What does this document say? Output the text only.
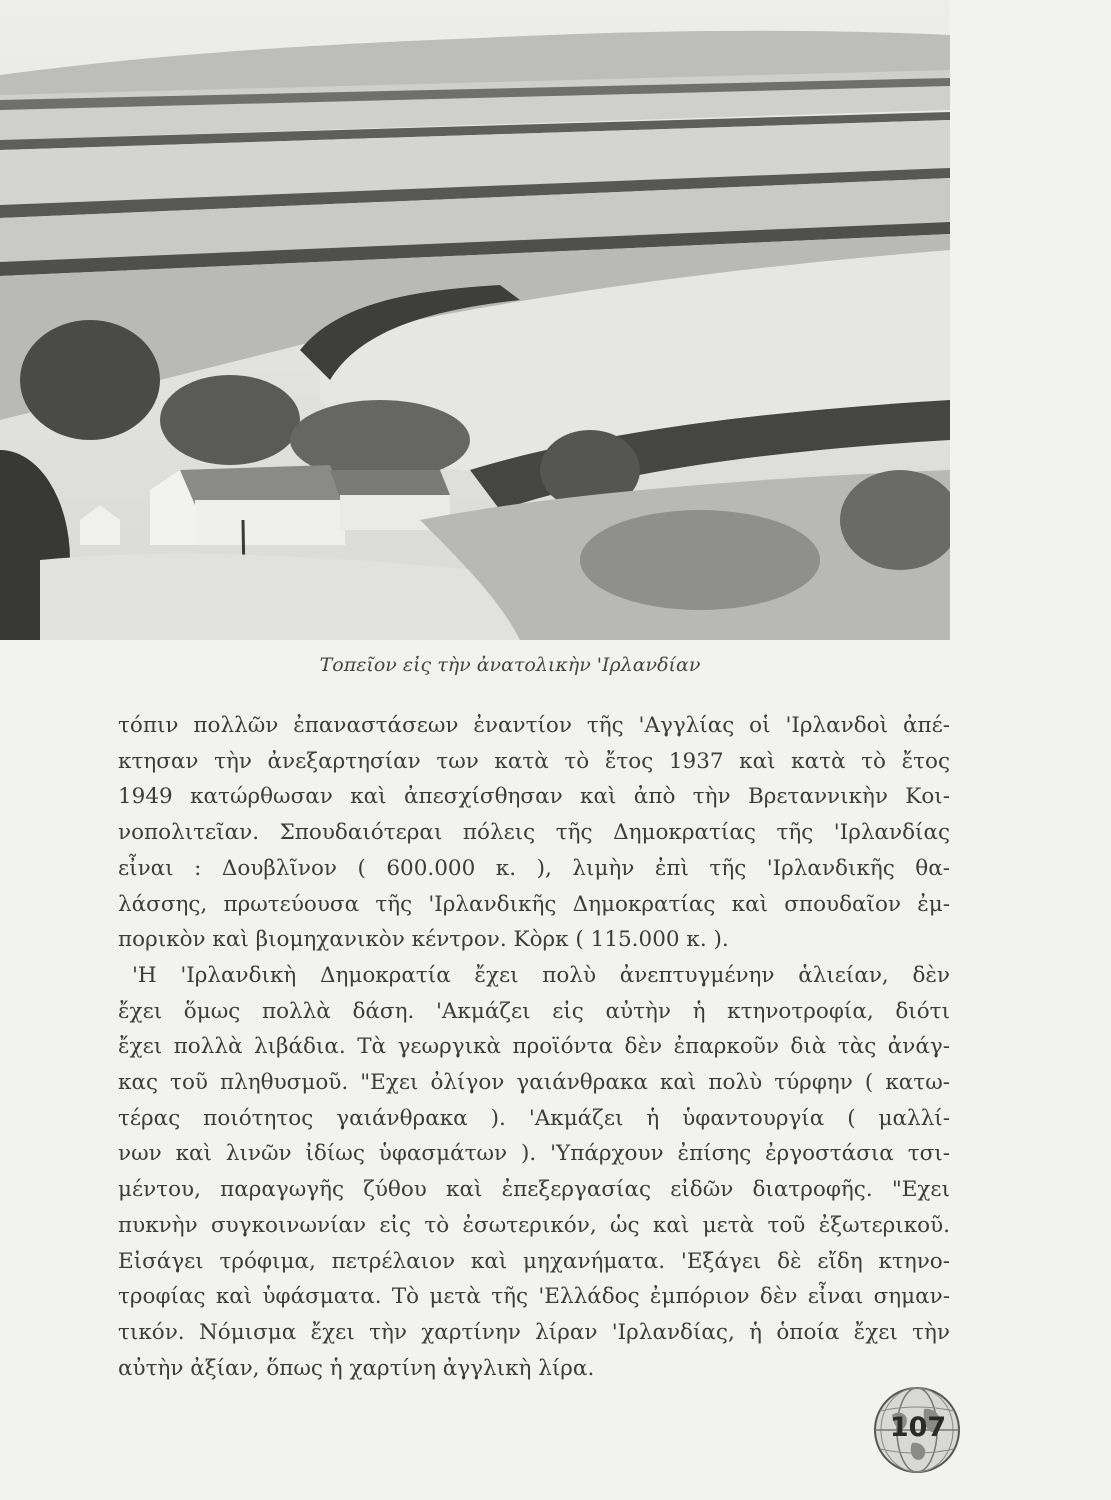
Τοπεῖον εἰς τὴν ἀνατολικὴν 'Ιρλανδίαν
τόπιν πολλῶν ἐπαναστάσεων ἐναντίον τῆς 'Αγγλίας οἱ 'Ιρλανδοὶ ἀπέ-
κτησαν τὴν ἀνεξαρτησίαν των κατὰ τὸ ἔτος 1937 καὶ κατὰ τὸ ἔτος
1949 κατώρθωσαν καὶ ἀπεσχίσθησαν καὶ ἀπὸ τὴν Βρεταννικὴν Κοι-
νοπολιτεῖαν. Σπουδαιότεραι πόλεις τῆς Δημοκρατίας τῆς 'Ιρλανδίας
εἶναι : Δουβλῖνον ( 600.000 κ. ), λιμὴν ἐπὶ τῆς 'Ιρλανδικῆς θα-
λάσσης, πρωτεύουσα τῆς 'Ιρλανδικῆς Δημοκρατίας καὶ σπουδαῖον ἐμ-
πορικὸν καὶ βιομηχανικὸν κέντρον. Κὸρκ ( 115.000 κ. ).
'Η 'Ιρλανδικὴ Δημοκρατία ἔχει πολὺ ἀνεπτυγμένην ἁλιείαν, δὲν
ἔχει ὅμως πολλὰ δάση. 'Ακμάζει εἰς αὐτὴν ἡ κτηνοτροφία, διότι
ἔχει πολλὰ λιβάδια. Τὰ γεωργικὰ προϊόντα δὲν ἐπαρκοῦν διὰ τὰς ἀνάγ-
κας τοῦ πληθυσμοῦ. "Εχει ὀλίγον γαιάνθρακα καὶ πολὺ τύρφην ( κατω-
τέρας ποιότητος γαιάνθρακα ). 'Ακμάζει ἡ ὑφαντουργία ( μαλλί-
νων καὶ λινῶν ἰδίως ὑφασμάτων ). 'Υπάρχουν ἐπίσης ἐργοστάσια τσι-
μέντου, παραγωγῆς ζύθου καὶ ἐπεξεργασίας εἰδῶν διατροφῆς. "Εχει
πυκνὴν συγκοινωνίαν εἰς τὸ ἐσωτερικόν, ὡς καὶ μετὰ τοῦ ἐξωτερικοῦ.
Εἰσάγει τρόφιμα, πετρέλαιον καὶ μηχανήματα. 'Εξάγει δὲ εἴδη κτηνο-
τροφίας καὶ ὑφάσματα. Τὸ μετὰ τῆς 'Ελλάδος ἐμπόριον δὲν εἶναι σημαν-
τικόν. Νόμισμα ἔχει τὴν χαρτίνην λίραν 'Ιρλανδίας, ἡ ὁποία ἔχει τὴν
αὐτὴν ἀξίαν, ὅπως ἡ χαρτίνη ἀγγλικὴ λίρα.
107
